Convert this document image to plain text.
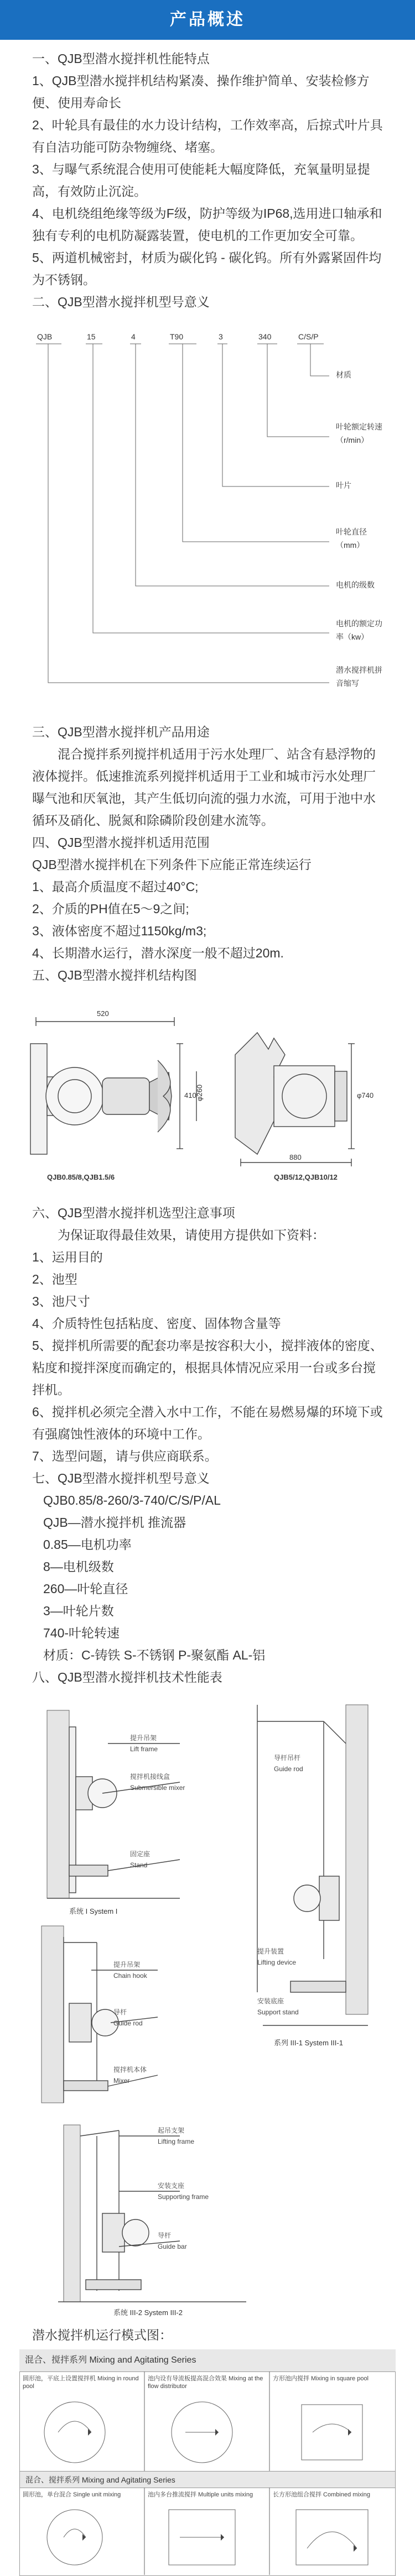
产品概述

一、QJB型潜水搅拌机性能特点

1、QJB型潜水搅拌机结构紧凑、操作维护简单、安装检修方便、使用寿命长

2、叶轮具有最佳的水力设计结构，工作效率高，后掠式叶片具有自洁功能可防杂物缠绕、堵塞。

3、与曝气系统混合使用可使能耗大幅度降低，充氧量明显提高，有效防止沉淀。

4、电机绕组绝缘等级为F级，防护等级为IP68,选用进口轴承和独有专利的电机防凝露装置，使电机的工作更加安全可靠。

5、两道机械密封，材质为碳化钨 - 碳化钨。所有外露紧固件均为不锈钢。

二、QJB型潜水搅拌机型号意义

QJB	15	4	T90	3	340	C/S/P
材质
叶轮额定转速（r/min）
叶片
叶轮直径（mm）
电机的级数
电机的额定功率（kw）
潜水搅拌机拼音缩写

三、QJB型潜水搅拌机产品用途

混合搅拌系列搅拌机适用于污水处理厂、站含有悬浮物的液体搅拌。低速推流系列搅拌机适用于工业和城市污水处理厂曝气池和厌氧池，其产生低切向流的强力水流，可用于池中水循环及硝化、脱氮和除磷阶段创建水流等。

四、QJB型潜水搅拌机适用范围

QJB型潜水搅拌机在下列条件下应能正常连续运行

1、最高介质温度不超过40°C;

2、介质的PH值在5～9之间;

3、液体密度不超过1150kg/m3;

4、长期潜水运行，潜水深度一般不超过20m.

五、QJB型潜水搅拌机结构图

520
410
φ260
QJB0.85/8,QJB1.5/6
φ740
880
QJB5/12,QJB10/12

六、QJB型潜水搅拌机选型注意事项

为保证取得最佳效果，请使用方提供如下资料：

1、运用目的

2、池型

3、池尺寸

4、介质特性包括粘度、密度、固体物含量等

5、搅拌机所需要的配套功率是按容积大小，搅拌液体的密度、粘度和搅拌深度而确定的，根据具体情况应采用一台或多台搅拌机。

6、搅拌机必须完全潜入水中工作，不能在易燃易爆的环境下或有强腐蚀性液体的环境中工作。

7、选型问题，请与供应商联系。

七、QJB型潜水搅拌机型号意义

QJB0.85/8-260/3-740/C/S/P/AL

QJB—潜水搅拌机 推流器

0.85—电机功率

8—电机级数

260—叶轮直径

3—叶轮片数

740-叶轮转速

材质：C-铸铁 S-不锈钢 P-聚氨酯 AL-铝

八、QJB型潜水搅拌机技术性能表

提升吊架
Lift frame
搅拌机接线盒
Submersible mixer
固定座
Stand
系统 I System I
导杆吊杆
Guide rod
提升装置
Lifting device
安装底座
Support stand
系列 III-1 System III-1
提升吊架
Chain hook
导杆
Guide rod
搅拌机本体
Mixer
起吊支架
Lifting frame
安装支座
Supporting frame
导杆
Guide bar
系统 III-2 System III-2

潜水搅拌机运行模式图：

混合、搅拌系列 Mixing and Agitating Series
混合、搅拌系列 Mixing and Agitating Series
圆形池，平底上设置搅拌机 Mixing in round pool
池内设有导流板提高混合效果 Mixing at the flow distributor
方形池内搅拌 Mixing in square pool
圆形池，单台混合 Single unit mixing	池内多台推流搅拌 Multiple units mixing	长方形池组合搅拌 Combined mixing
